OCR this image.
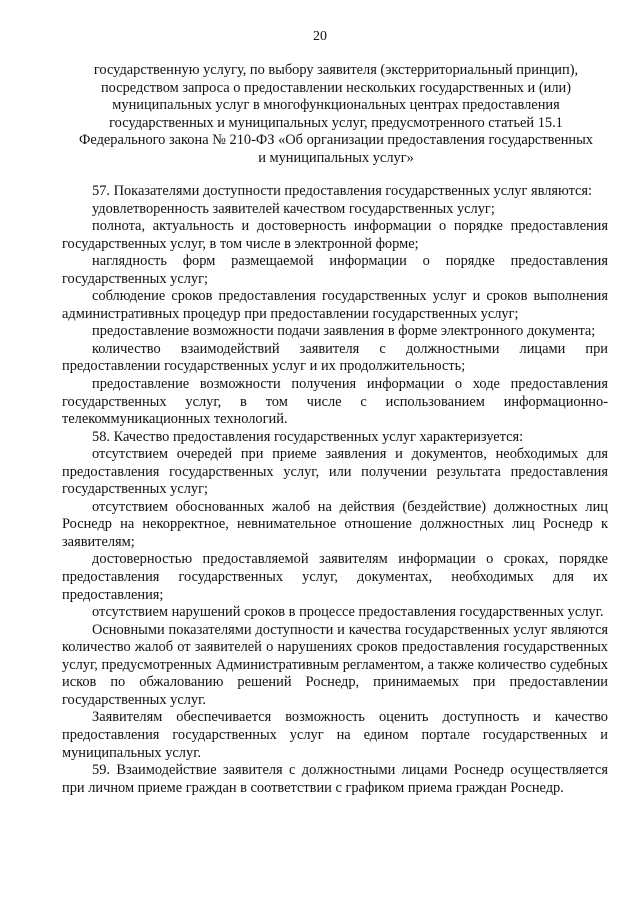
20
государственную услугу, по выбору заявителя (экстерриториальный принцип),
посредством запроса о предоставлении нескольких государственных и (или)
муниципальных услуг в многофункциональных центрах предоставления
государственных и муниципальных услуг, предусмотренного статьей 15.1
Федерального закона № 210-ФЗ «Об организации предоставления государственных
и муниципальных услуг»

57. Показателями доступности предоставления государственных услуг являются:

удовлетворенность заявителей качеством государственных услуг;

полнота, актуальность и достоверность информации о порядке предоставления государственных услуг, в том числе в электронной форме;

наглядность форм размещаемой информации о порядке предоставления государственных услуг;

соблюдение сроков предоставления государственных услуг и сроков выполнения административных процедур при предоставлении государственных услуг;

предоставление возможности подачи заявления в форме электронного документа;

количество взаимодействий заявителя с должностными лицами при предоставлении государственных услуг и их продолжительность;

предоставление возможности получения информации о ходе предоставления государственных услуг, в том числе с использованием информационно-телекоммуникационных технологий.

58. Качество предоставления государственных услуг характеризуется:

отсутствием очередей при приеме заявления и документов, необходимых для предоставления государственных услуг, или получении результата предоставления государственных услуг;

отсутствием обоснованных жалоб на действия (бездействие) должностных лиц Роснедр на некорректное, невнимательное отношение должностных лиц Роснедр к заявителям;

достоверностью предоставляемой заявителям информации о сроках, порядке предоставления государственных услуг, документах, необходимых для их предоставления;

отсутствием нарушений сроков в процессе предоставления государственных услуг.

Основными показателями доступности и качества государственных услуг являются количество жалоб от заявителей о нарушениях сроков предоставления государственных услуг, предусмотренных Административным регламентом, а также количество судебных исков по обжалованию решений Роснедр, принимаемых при предоставлении государственных услуг.

Заявителям обеспечивается возможность оценить доступность и качество предоставления государственных услуг на едином портале государственных и муниципальных услуг.

59. Взаимодействие заявителя с должностными лицами Роснедр осуществляется при личном приеме граждан в соответствии с графиком приема граждан Роснедр.
